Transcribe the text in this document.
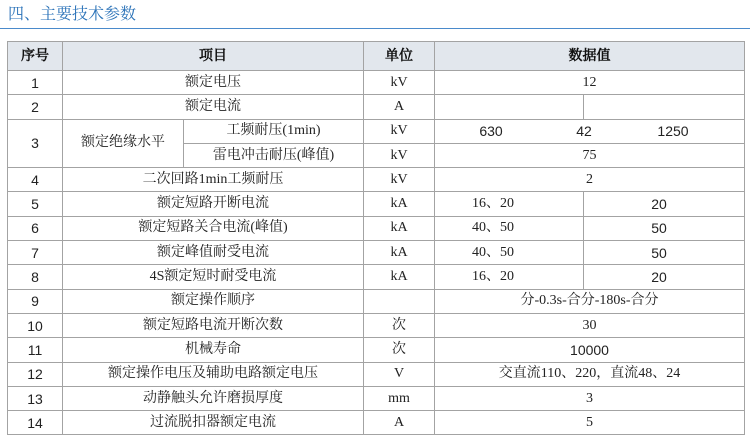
四、主要技术参数
序号	项目		单位	数据值	
1	额定电压		kV	12	
2	额定电流		A		
3	额定绝缘水平	工频耐压(1min)	kV	630 42 1250	

		雷电冲击耐压(峰值)	kV	75	
4	二次回路1min工频耐压		kV	2	
5	额定短路开断电流		kA	16、20	20
6	额定短路关合电流(峰值)		kA	40、50	50
7	额定峰值耐受电流		kA	40、50	50
8	4S额定短时耐受电流		kA	16、20	20
9	额定操作顺序			分-0.3s-合分-180s-合分	
10	额定短路电流开断次数		次	30	
11	机械寿命		次	10000	
12	额定操作电压及辅助电路额定电压		V	交直流110、220，直流48、24	
13	动静触头允许磨损厚度		mm	3	
14	过流脱扣器额定电流		A	5	
